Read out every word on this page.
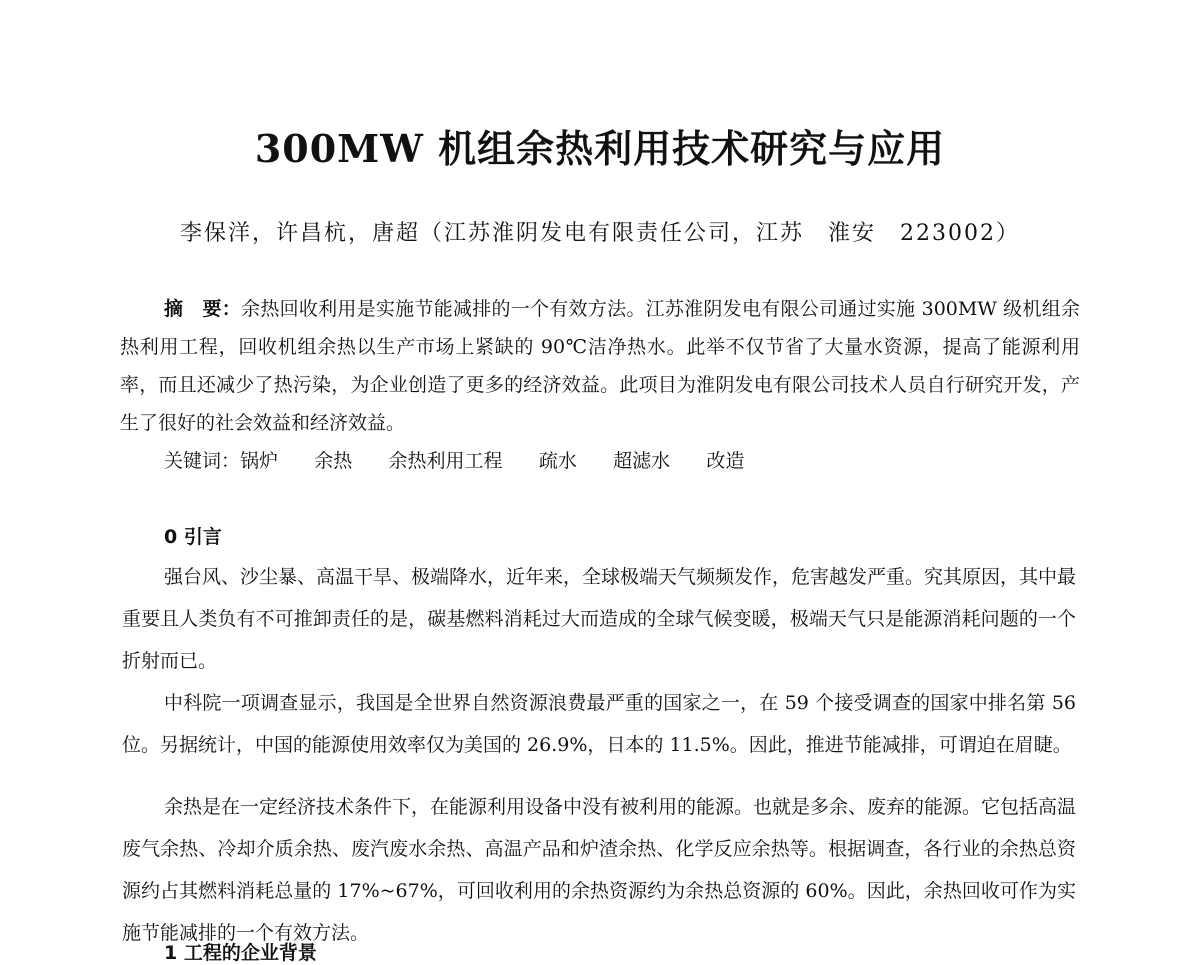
300MW 机组余热利用技术研究与应用
李保洋，许昌杭，唐超（江苏淮阴发电有限责任公司，江苏　淮安　223002）

摘　要：余热回收利用是实施节能减排的一个有效方法。江苏淮阴发电有限公司通过实施 300MW 级机组余热利用工程，回收机组余热以生产市场上紧缺的 90℃洁净热水。此举不仅节省了大量水资源，提高了能源利用率，而且还减少了热污染，为企业创造了更多的经济效益。此项目为淮阴发电有限公司技术人员自行研究开发，产生了很好的社会效益和经济效益。

关键词：锅炉 余热 余热利用工程 疏水 超滤水 改造
0 引言

强台风、沙尘暴、高温干旱、极端降水，近年来，全球极端天气频频发作，危害越发严重。究其原因，其中最重要且人类负有不可推卸责任的是，碳基燃料消耗过大而造成的全球气候变暖，极端天气只是能源消耗问题的一个折射而已。

中科院一项调查显示，我国是全世界自然资源浪费最严重的国家之一，在 59 个接受调查的国家中排名第 56 位。另据统计，中国的能源使用效率仅为美国的 26.9%，日本的 11.5%。因此，推进节能减排，可谓迫在眉睫。

余热是在一定经济技术条件下，在能源利用设备中没有被利用的能源。也就是多余、废弃的能源。它包括高温废气余热、冷却介质余热、废汽废水余热、高温产品和炉渣余热、化学反应余热等。根据调查，各行业的余热总资源约占其燃料消耗总量的 17%~67%，可回收利用的余热资源约为余热总资源的 60%。因此，余热回收可作为实施节能减排的一个有效方法。

1 工程的企业背景
